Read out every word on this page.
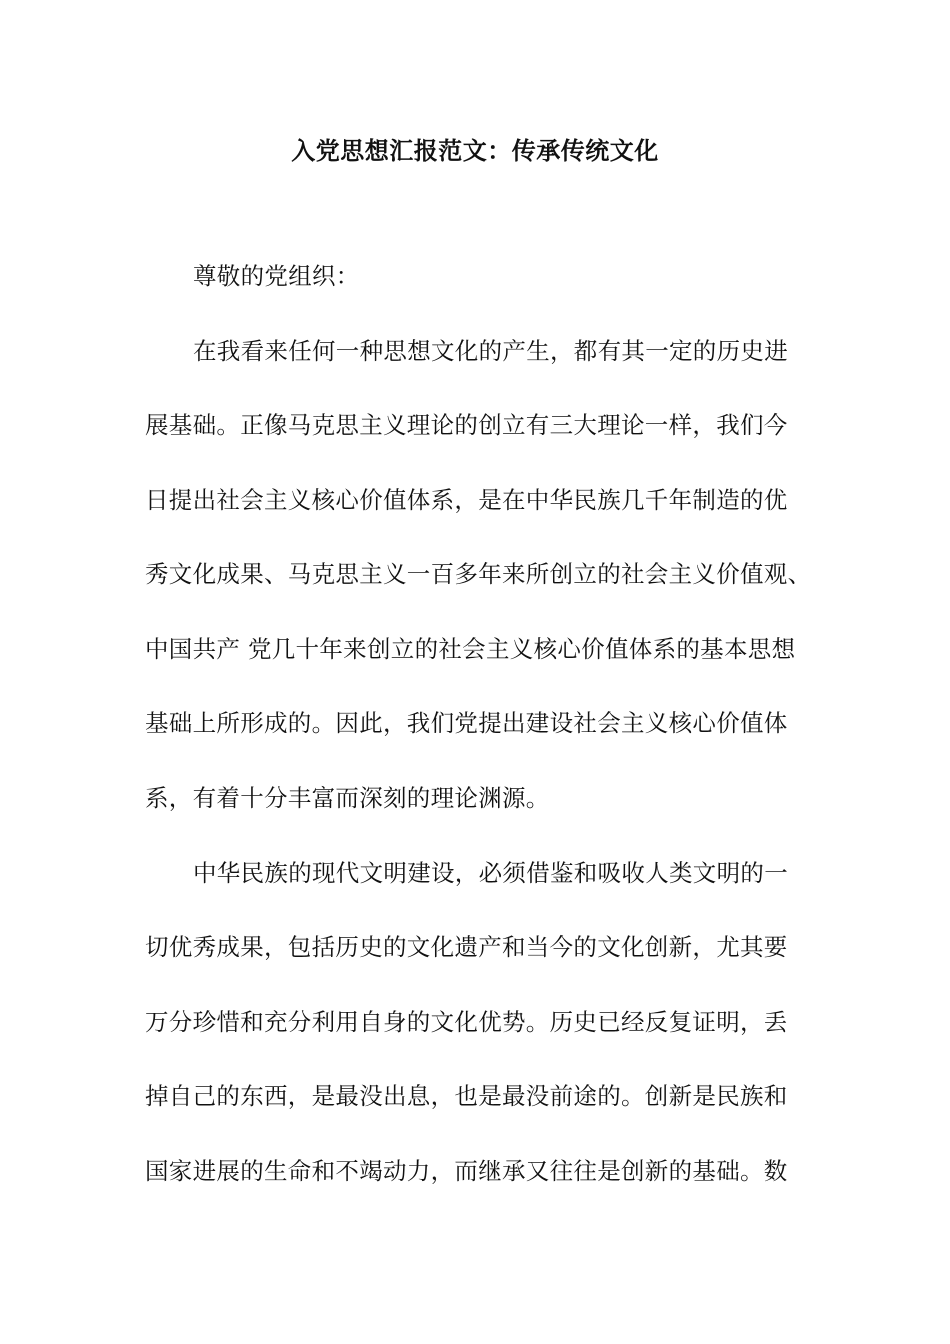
入党思想汇报范文：传承传统文化
尊敬的党组织：
在我看来任何一种思想文化的产生，都有其一定的历史进
展基础。正像马克思主义理论的创立有三大理论一样，我们今
日提出社会主义核心价值体系，是在中华民族几千年制造的优
秀文化成果、马克思主义一百多年来所创立的社会主义价值观、
中国共产 党几十年来创立的社会主义核心价值体系的基本思想
基础上所形成的。因此，我们党提出建设社会主义核心价值体
系，有着十分丰富而深刻的理论渊源。
中华民族的现代文明建设，必须借鉴和吸收人类文明的一
切优秀成果，包括历史的文化遗产和当今的文化创新，尤其要
万分珍惜和充分利用自身的文化优势。历史已经反复证明，丢
掉自己的东西，是最没出息，也是最没前途的。创新是民族和
国家进展的生命和不竭动力，而继承又往往是创新的基础。数
